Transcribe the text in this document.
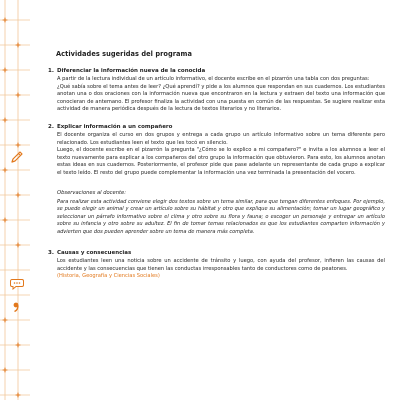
Actividades sugeridas del programa
1. Diferenciar la información nueva de la conocida

A partir de la lectura individual de un artículo informativo, el docente escribe en el pizarrón una tabla con dos preguntas:

¿Qué sabía sobre el tema antes de leer? ¿Qué aprendí? y pide a los alumnos que respondan en sus cuadernos. Los estudiantes anotan una o dos oraciones con la información nueva que encontraron en la lectura y extraen del texto una información que conocieran de antemano. El profesor finaliza la actividad con una puesta en común de las respuestas. Se sugiere realizar esta actividad de manera periódica después de la lectura de textos literarios y no literarios.

2. Explicar información a un compañero

El docente organiza el curso en dos grupos y entrega a cada grupo un artículo informativo sobre un tema diferente pero relacionado. Los estudiantes leen el texto que les tocó en silencio.

Luego, el docente escribe en el pizarrón la pregunta "¿Cómo se lo explico a mi compañero?" e invita a los alumnos a leer el texto nuevamente para explicar a los compañeros del otro grupo la información que obtuvieron. Para esto, los alumnos anotan estas ideas en sus cuadernos. Posteriormente, el profesor pide que pase adelante un representante de cada grupo a explicar el texto leído. El resto del grupo puede complementar la información una vez terminada la presentación del vocero.

Observaciones al docente:
Para realizar esta actividad conviene elegir dos textos sobre un tema similar, para que tengan diferentes enfoques. Por ejemplo, se puede elegir un animal y crear un artículo sobre su hábitat y otro que explique su alimentación; tomar un lugar geográfico y seleccionar un párrafo informativo sobre el clima y otro sobre su flora y fauna; o escoger un personaje y entregar un artículo sobre su infancia y otro sobre su adultez. El fin de tomar temas relacionados es que los estudiantes comparten información y advierten que dos pueden aprender sobre un tema de manera más completa.
3. Causas y consecuencias

Los estudiantes leen una noticia sobre un accidente de tránsito y luego, con ayuda del profesor, infieren las causas del accidente y las consecuencias que tienen las conductas irresponsables tanto de conductores como de peatones.

(Historia, Geografía y Ciencias Sociales)
